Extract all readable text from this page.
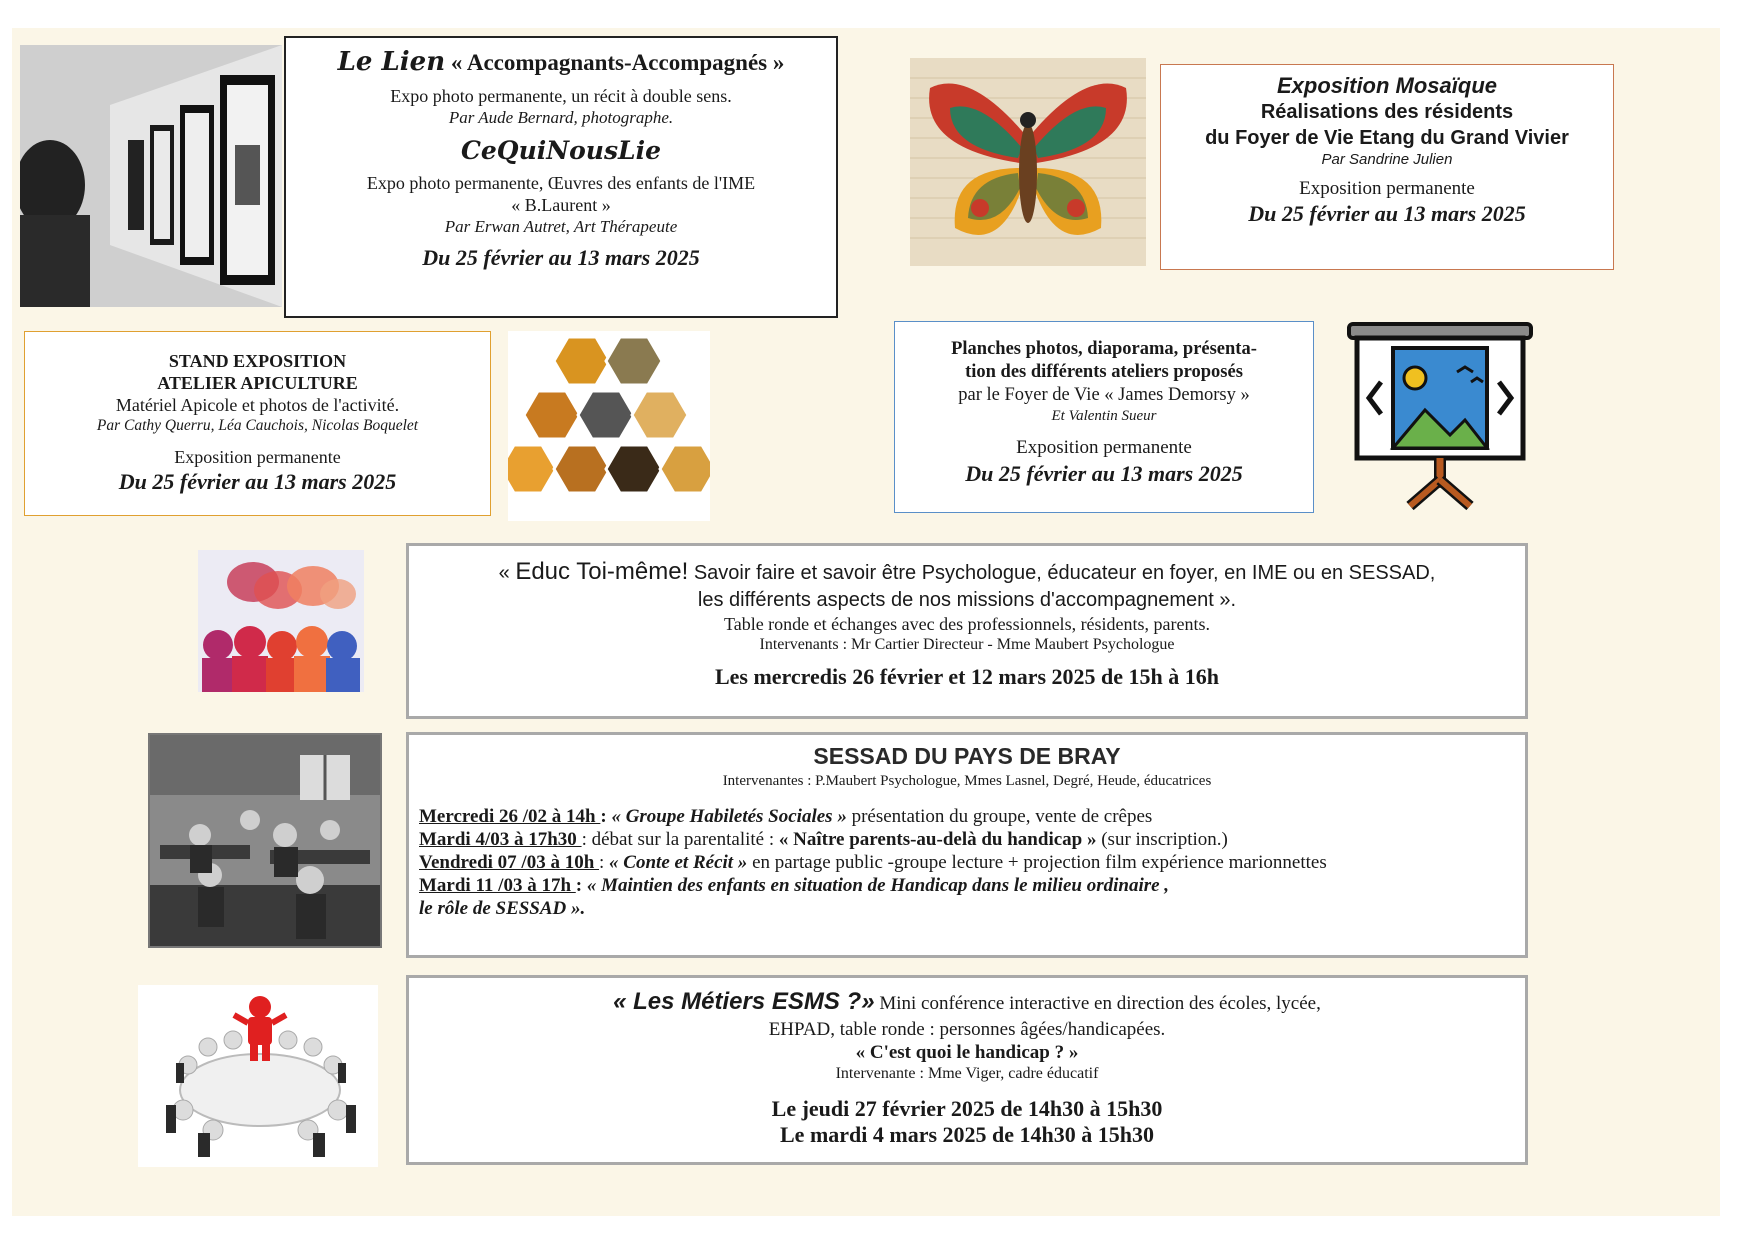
Le Lien « Accompagnants-Accompagnés »
Expo photo permanente, un récit à double sens.
Par Aude Bernard, photographe.
CeQuiNousLie
Expo photo permanente, Œuvres des enfants de l'IME
« B.Laurent »
Par Erwan Autret, Art Thérapeute
Du 25 février au 13 mars 2025
Exposition Mosaïque
Réalisations des résidents
du Foyer de Vie Etang du Grand Vivier
Par Sandrine Julien
Exposition permanente
Du 25 février au 13 mars 2025
STAND EXPOSITION
ATELIER APICULTURE
Matériel Apicole et photos de l'activité.
Par Cathy Querru, Léa Cauchois, Nicolas Boquelet
Exposition permanente
Du 25 février au 13 mars 2025
Planches photos, diaporama, présenta-
tion des différents ateliers proposés
par le Foyer de Vie « James Demorsy »
Et Valentin Sueur
Exposition permanente
Du 25 février au 13 mars 2025
« Educ Toi-même! Savoir faire et savoir être Psychologue, éducateur en foyer, en IME ou en SESSAD,
les différents aspects de nos missions d'accompagnement ».
Table ronde et échanges avec des professionnels, résidents, parents.
Intervenants : Mr Cartier Directeur - Mme Maubert Psychologue
Les mercredis 26 février et 12 mars 2025 de 15h à 16h
SESSAD DU PAYS DE BRAY
Intervenantes : P.Maubert Psychologue, Mmes Lasnel, Degré, Heude, éducatrices
Mercredi 26 /02 à 14h : « Groupe Habiletés Sociales » présentation du groupe, vente de crêpes
Mardi 4/03 à 17h30 : débat sur la parentalité : « Naître parents-au-delà du handicap » (sur inscription.)
Vendredi 07 /03 à 10h : « Conte et Récit » en partage public -groupe lecture + projection film expérience marionnettes
Mardi 11 /03 à 17h : « Maintien des enfants en situation de Handicap dans le milieu ordinaire ,
le rôle de SESSAD ».
« Les Métiers ESMS ?» Mini conférence interactive en direction des écoles, lycée,
EHPAD, table ronde : personnes âgées/handicapées.
« C'est quoi le handicap ? »
Intervenante : Mme Viger, cadre éducatif
Le jeudi 27 février 2025 de 14h30 à 15h30
Le mardi 4 mars 2025 de 14h30 à 15h30
